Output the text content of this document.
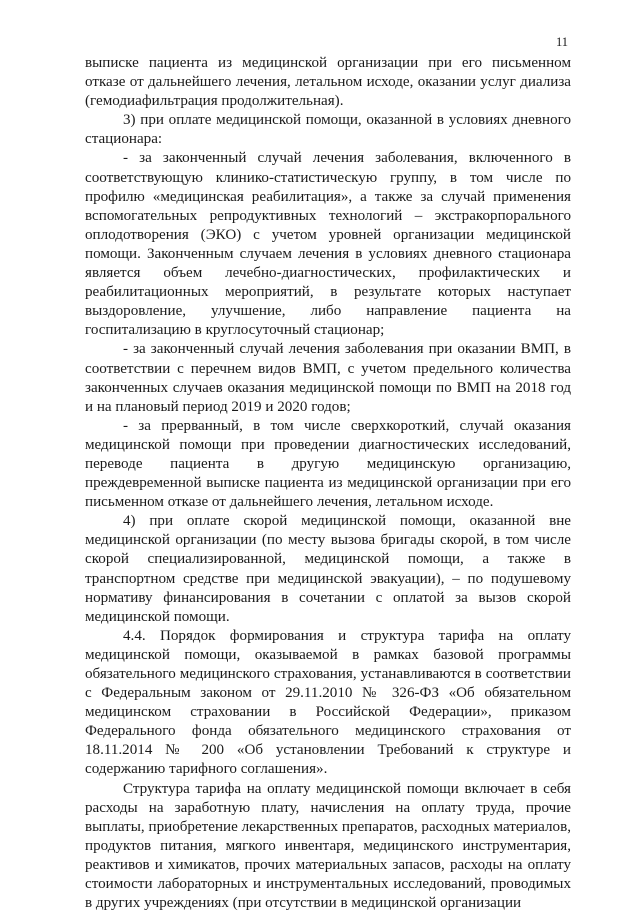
11

выписке пациента из медицинской организации при его письменном отказе от дальнейшего лечения, летальном исходе, оказании услуг диализа (гемодиафильтрация продолжительная).

3) при оплате медицинской помощи, оказанной в условиях дневного стационара:

- за законченный случай лечения заболевания, включенного в соответствующую клинико-статистическую группу, в том числе по профилю «медицинская реабилитация», а также за случай применения вспомогательных репродуктивных технологий – экстракорпорального оплодотворения (ЭКО) с учетом уровней организации медицинской помощи. Законченным случаем лечения в условиях дневного стационара является объем лечебно-диагностических, профилактических и реабилитационных мероприятий, в результате которых наступает выздоровление, улучшение, либо направление пациента на госпитализацию в круглосуточный стационар;

- за законченный случай лечения заболевания при оказании ВМП, в соответствии с перечнем видов ВМП, с учетом предельного количества законченных случаев оказания медицинской помощи по ВМП на 2018 год и на плановый период 2019 и 2020 годов;

- за прерванный, в том числе сверхкороткий, случай оказания медицинской помощи при проведении диагностических исследований, переводе пациента в другую медицинскую организацию, преждевременной выписке пациента из медицинской организации при его письменном отказе от дальнейшего лечения, летальном исходе.

4) при оплате скорой медицинской помощи, оказанной вне медицинской организации (по месту вызова бригады скорой, в том числе скорой специализированной, медицинской помощи, а также в транспортном средстве при медицинской эвакуации), – по подушевому нормативу финансирования в сочетании с оплатой за вызов скорой медицинской помощи.

4.4. Порядок формирования и структура тарифа на оплату медицинской помощи, оказываемой в рамках базовой программы обязательного медицинского страхования, устанавливаются в соответствии с Федеральным законом от 29.11.2010 № 326-ФЗ «Об обязательном медицинском страховании в Российской Федерации», приказом Федерального фонда обязательного медицинского страхования от 18.11.2014 № 200 «Об установлении Требований к структуре и содержанию тарифного соглашения».

Структура тарифа на оплату медицинской помощи включает в себя расходы на заработную плату, начисления на оплату труда, прочие выплаты, приобретение лекарственных препаратов, расходных материалов, продуктов питания, мягкого инвентаря, медицинского инструментария, реактивов и химикатов, прочих материальных запасов, расходы на оплату стоимости лабораторных и инструментальных исследований, проводимых в других учреждениях (при отсутствии в медицинской организации
